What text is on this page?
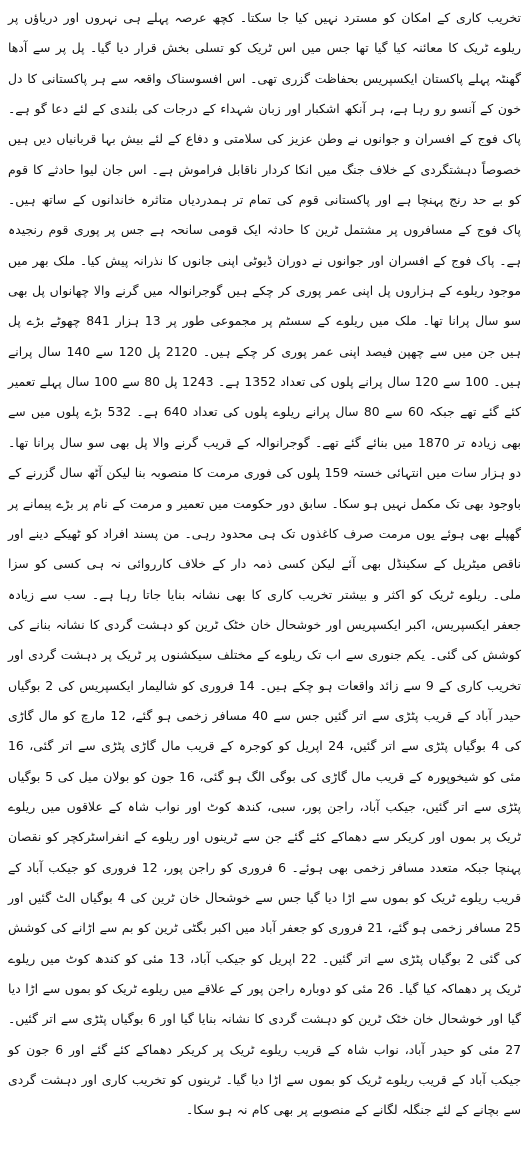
تخریب کاری کے امکان کو مسترد نہیں کیا جا سکتا۔ کچھ عرصہ پہلے ہی نہروں اور دریاؤں پر ریلوے ٹریک کا معائنہ کیا گیا تھا جس میں اس ٹریک کو تسلی بخش قرار دیا گیا۔ پل پر سے آدھا گھنٹہ پہلے پاکستان ایکسپریس بحفاظت گزری تھی۔ اس افسوسناک واقعہ سے ہر پاکستانی کا دل خون کے آنسو رو رہا ہے، ہر آنکھ اشکبار اور زبان شہداء کے درجات کی بلندی کے لئے دعا گو ہے۔ پاک فوج کے افسران و جوانوں نے وطن عزیز کی سلامتی و دفاع کے لئے بیش بہا قربانیاں دیں ہیں خصوصاً دہشتگردی کے خلاف جنگ میں انکا کردار ناقابل فراموش ہے۔ اس جان لیوا حادثے کا قوم کو بے حد رنج پہنچا ہے اور پاکستانی قوم کی تمام تر ہمدردیاں متاثرہ خاندانوں کے ساتھ ہیں۔ پاک فوج کے مسافروں پر مشتمل ٹرین کا حادثہ ایک قومی سانحہ ہے جس پر پوری قوم رنجیدہ ہے۔ پاک فوج کے افسران اور جوانوں نے دوران ڈیوٹی اپنی جانوں کا نذرانہ پیش کیا۔ ملک بھر میں موجود ریلوے کے ہزاروں پل اپنی عمر پوری کر چکے ہیں گوجرانوالہ میں گرنے والا چھانواں پل بھی سو سال پرانا تھا۔ ملک میں ریلوے کے سسٹم پر مجموعی طور پر 13 ہزار 841 چھوٹے بڑے پل ہیں جن میں سے چھپن فیصد اپنی عمر پوری کر چکے ہیں۔ 2120 پل 120 سے 140 سال پرانے ہیں۔ 100 سے 120 سال پرانے پلوں کی تعداد 1352 ہے۔ 1243 پل 80 سے 100 سال پہلے تعمیر کئے گئے تھے جبکہ 60 سے 80 سال پرانے ریلوے پلوں کی تعداد 640 ہے۔ 532 بڑے پلوں میں سے بھی زیادہ تر 1870 میں بنائے گئے تھے۔ گوجرانوالہ کے قریب گرنے والا پل بھی سو سال پرانا تھا۔ دو ہزار سات میں انتہائی خستہ 159 پلوں کی فوری مرمت کا منصوبہ بنا لیکن آٹھ سال گزرنے کے باوجود بھی تک مکمل نہیں ہو سکا۔ سابق دور حکومت میں تعمیر و مرمت کے نام پر بڑے پیمانے پر گھپلے بھی ہوئے یوں مرمت صرف کاغذوں تک ہی محدود رہی۔ من پسند افراد کو ٹھیکے دینے اور ناقص میٹریل کے سکینڈل بھی آئے لیکن کسی ذمہ دار کے خلاف کارروائی نہ ہی کسی کو سزا ملی۔ ریلوے ٹریک کو اکثر و بیشتر تخریب کاری کا بھی نشانہ بنایا جاتا رہا ہے۔ سب سے زیادہ جعفر ایکسپریس، اکبر ایکسپریس اور خوشحال خان خٹک ٹرین کو دہشت گردی کا نشانہ بنانے کی کوشش کی گئی۔ یکم جنوری سے اب تک ریلوے کے مختلف سیکشنوں پر ٹریک پر دہشت گردی اور تخریب کاری کے 9 سے زائد واقعات ہو چکے ہیں۔ 14 فروری کو شالیمار ایکسپریس کی 2 بوگیاں حیدر آباد کے قریب پٹڑی سے اتر گئیں جس سے 40 مسافر زخمی ہو گئے، 12 مارچ کو مال گاڑی کی 4 بوگیاں پٹڑی سے اتر گئیں، 24 اپریل کو کوجرہ کے قریب مال گاڑی پٹڑی سے اتر گئی، 16 مئی کو شیخوپورہ کے قریب مال گاڑی کی بوگی الگ ہو گئی، 16 جون کو بولان میل کی 5 بوگیاں پٹڑی سے اتر گئیں، جیکب آباد، راجن پور، سبی، کندھ کوٹ اور نواب شاہ کے علاقوں میں ریلوے ٹریک پر بموں اور کریکر سے دھماکے کئے گئے جن سے ٹرینوں اور ریلوے کے انفراسٹرکچر کو نقصان پہنچا جبکہ متعدد مسافر زخمی بھی ہوئے۔ 6 فروری کو راجن پور، 12 فروری کو جیکب آباد کے قریب ریلوے ٹریک کو بموں سے اڑا دیا گیا جس سے خوشحال خان ٹرین کی 4 بوگیاں الٹ گئیں اور 25 مسافر زخمی ہو گئے، 21 فروری کو جعفر آباد میں اکبر بگٹی ٹرین کو بم سے اڑانے کی کوشش کی گئی 2 بوگیاں پٹڑی سے اتر گئیں۔ 22 اپریل کو جیکب آباد، 13 مئی کو کندھ کوٹ میں ریلوے ٹریک پر دھماکہ کیا گیا۔ 26 مئی کو دوبارہ راجن پور کے علاقے میں ریلوے ٹریک کو بموں سے اڑا دیا گیا اور خوشحال خان خٹک ٹرین کو دہشت گردی کا نشانہ بنایا گیا اور 6 بوگیاں پٹڑی سے اتر گئیں۔ 27 مئی کو حیدر آباد، نواب شاہ کے قریب ریلوے ٹریک پر کریکر دھماکے کئے گئے اور 6 جون کو جیکب آباد کے قریب ریلوے ٹریک کو بموں سے اڑا دیا گیا۔ ٹرینوں کو تخریب کاری اور دہشت گردی سے بچانے کے لئے جنگلہ لگانے کے منصوبے پر بھی کام نہ ہو سکا۔
